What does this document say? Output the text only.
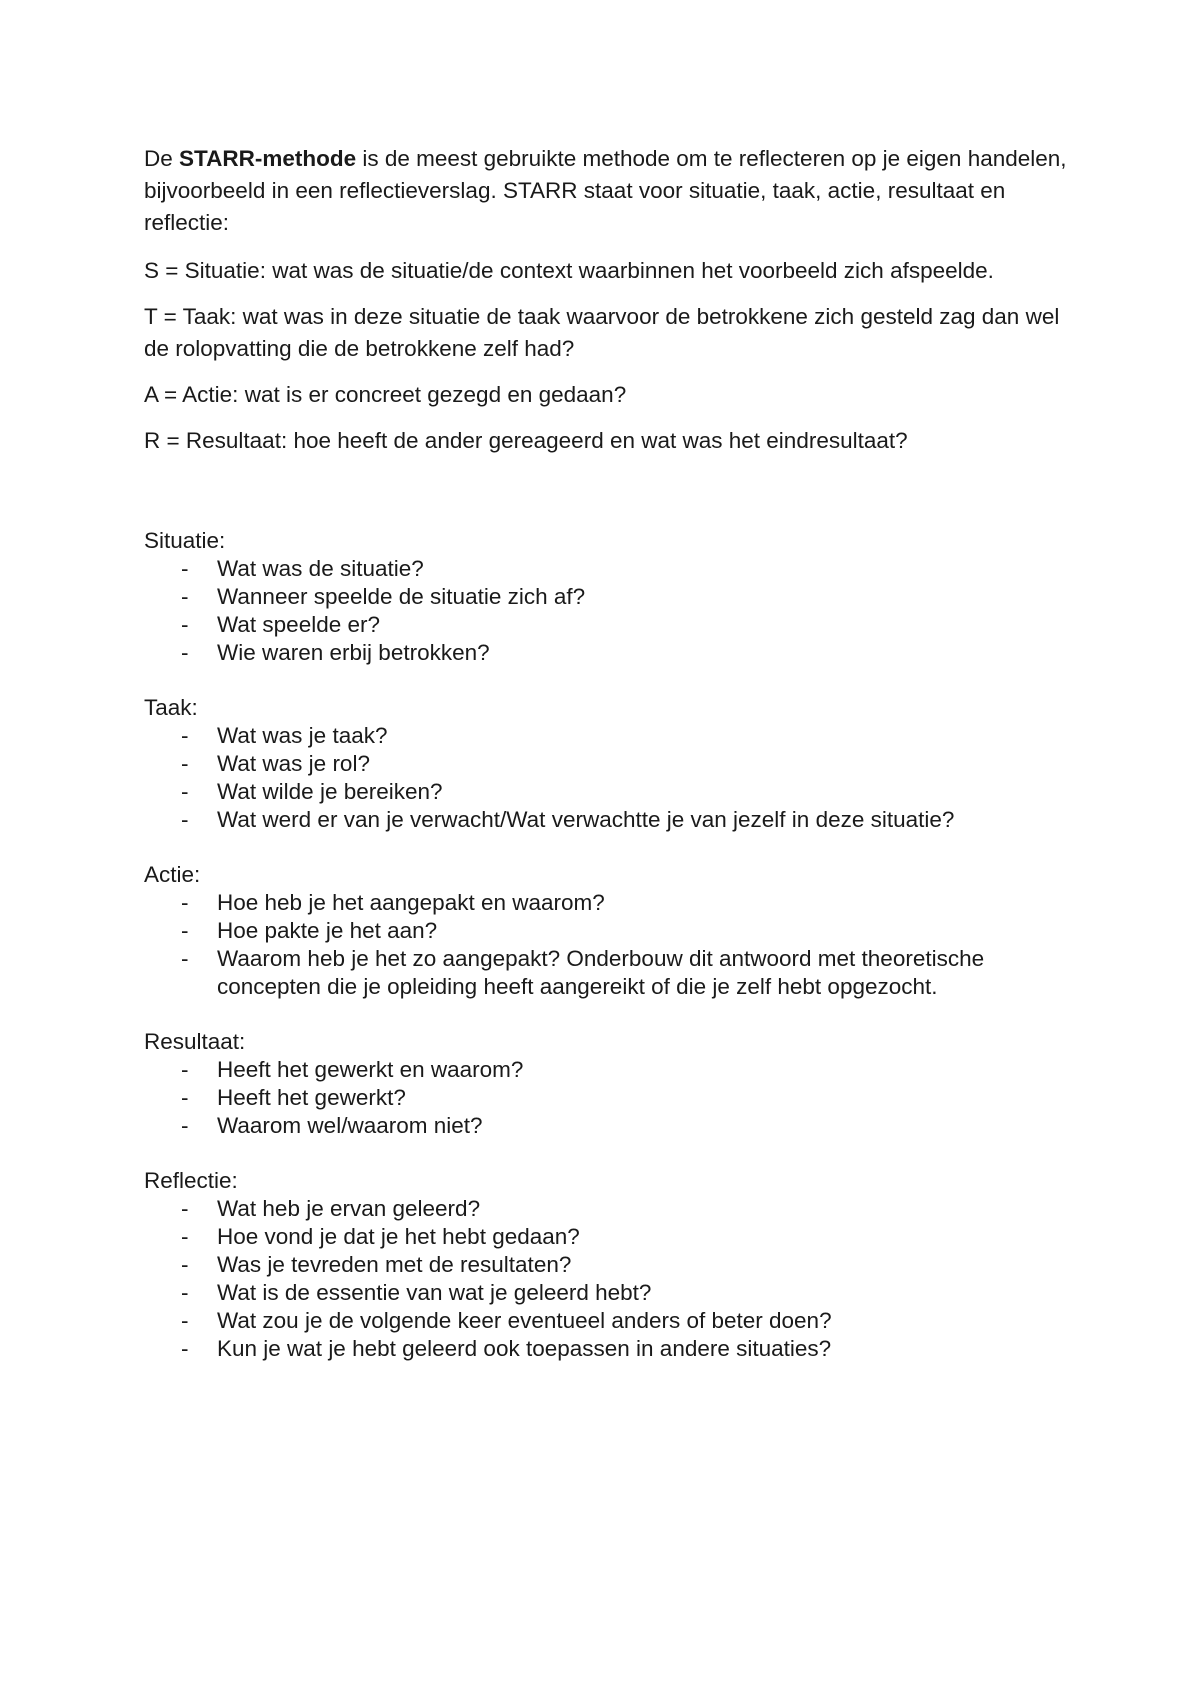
De STARR-methode is de meest gebruikte methode om te reflecteren op je eigen handelen, bijvoorbeeld in een reflectieverslag. STARR staat voor situatie, taak, actie, resultaat en reflectie:

S = Situatie: wat was de situatie/de context waarbinnen het voorbeeld zich afspeelde.

T = Taak: wat was in deze situatie de taak waarvoor de betrokkene zich gesteld zag dan wel de rolopvatting die de betrokkene zelf had?

A = Actie: wat is er concreet gezegd en gedaan?

R = Resultaat: hoe heeft de ander gereageerd en wat was het eindresultaat?

Situatie:

-	Wat was de situatie?
-	Wanneer speelde de situatie zich af?
-	Wat speelde er?
-	Wie waren erbij betrokken?

Taak:

-	Wat was je taak?
-	Wat was je rol?
-	Wat wilde je bereiken?
-	Wat werd er van je verwacht/Wat verwachtte je van jezelf in deze situatie?

Actie:

-	Hoe heb je het aangepakt en waarom?
-	Hoe pakte je het aan?
-	Waarom heb je het zo aangepakt? Onderbouw dit antwoord met theoretische concepten die je opleiding heeft aangereikt of die je zelf hebt opgezocht.

Resultaat:

-	Heeft het gewerkt en waarom?
-	Heeft het gewerkt?
-	Waarom wel/waarom niet?

Reflectie:

-	Wat heb je ervan geleerd?
-	Hoe vond je dat je het hebt gedaan?
-	Was je tevreden met de resultaten?
-	Wat is de essentie van wat je geleerd hebt?
-	Wat zou je de volgende keer eventueel anders of beter doen?
-	Kun je wat je hebt geleerd ook toepassen in andere situaties?
